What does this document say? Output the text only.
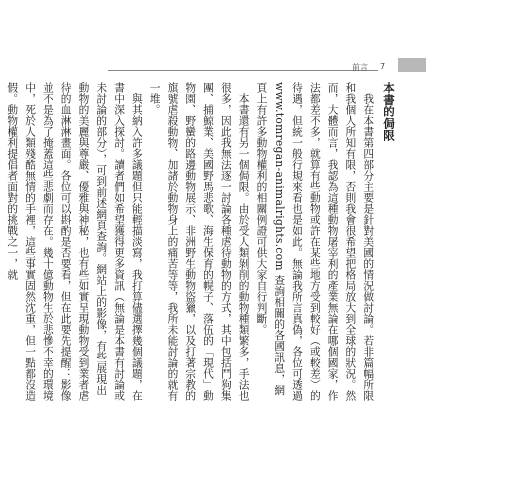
前言 7
本書的侷限

我在本書第四部分主要是針對美國的情況做討論。若非篇幅所限和我個人所知有限，否則我會很希望把格局放大到全球的狀況。然而，大體而言，我認為這種動物屠宰利的產業無論在哪個國家，作法都差不多，就算有些動物或許在某些地方受到較好（或較差）的待遇，但統一般行規來看也是如此。無論我所言真偽，各位可透過www.tomregan-animalrights.com 查詢相關的各國訊息，網頁上有許多動物權利的相關例證可供大家自行判斷。

本書還有另一個侷限。由於受人類剝削的動物種類繁多，手法也很多，因此我無法逐一討論各種虐待動物的方式，其中包括鬥狗集團、捕鯨業、美國野馬悲歌、海生保育的幌子、落伍的「現代」動物園、野蠻的路邊動物展示、非洲野生動物盜獵，以及打著宗教的旗號虐殺動物、加諸於動物身上的痛苦等等，我所未能討論的就有一堆。

與其納入許多議題但只能輕描淡寫，我打算儘選擇幾個議題，在書中深入探討。讀者們如希望獲得更多資訊（無論是本書有討論或未討論的部分），可到前述網頁查詢。網站上的影像，有些展現出動物的美麗與尊嚴、優雅與神秘，也有些如實呈現動物受到業者虐待的血淋淋畫面。各位可以斟酌是否要看，但在此要先提醒：影像並不是為了掩蓋這些悲劇而存在。幾十億動物生於悲慘不幸的環境中，死於人類殘酷無情的手裡，這些事實固然沈重，但一點都沒造假。動物權利提倡者面對的挑戰之一，就
